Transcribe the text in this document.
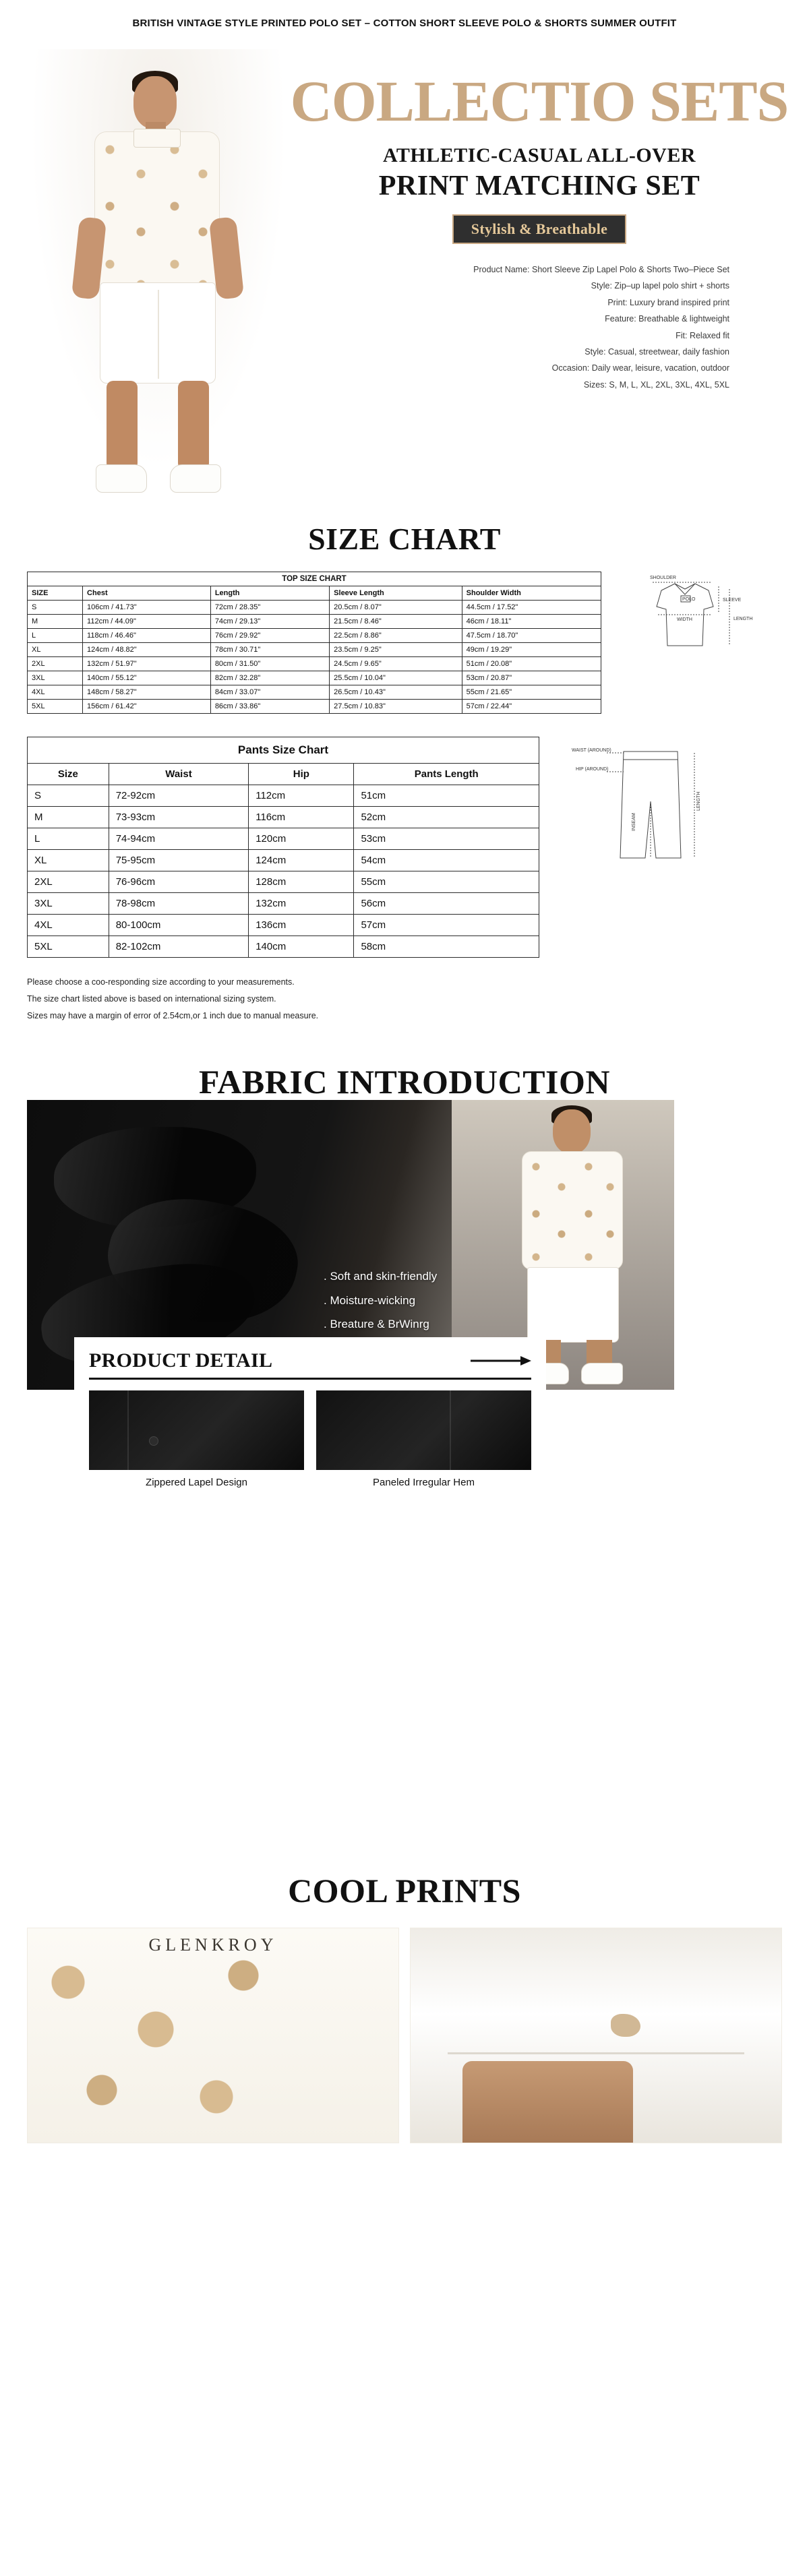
BRITISH VINTAGE STYLE PRINTED POLO SET – COTTON SHORT SLEEVE POLO & SHORTS SUMMER OUTFIT
COLLECTIO SETS
ATHLETIC-CASUAL ALL-OVER
PRINT MATCHING SET
Stylish & Breathable
Product Name: Short Sleeve Zip Lapel Polo & Shorts Two–Piece Set
Style: Zip–up lapel polo shirt + shorts
Print: Luxury brand inspired print
Feature: Breathable & lightweight
Fit: Relaxed fit
Style: Casual, streetwear, daily fashion
Occasion: Daily wear, leisure, vacation, outdoor
Sizes: S, M, L, XL, 2XL, 3XL, 4XL, 5XL
SIZE CHART
TOP SIZE CHART				
SIZE	Chest	Length	Sleeve Length	Shoulder Width
S	106cm / 41.73"	72cm / 28.35"	20.5cm / 8.07"	44.5cm / 17.52"
M	112cm / 44.09"	74cm / 29.13"	21.5cm / 8.46"	46cm / 18.11"
L	118cm / 46.46"	76cm / 29.92"	22.5cm / 8.86"	47.5cm / 18.70"
XL	124cm / 48.82"	78cm / 30.71"	23.5cm / 9.25"	49cm / 19.29"
2XL	132cm / 51.97"	80cm / 31.50"	24.5cm / 9.65"	51cm / 20.08"
3XL	140cm / 55.12"	82cm / 32.28"	25.5cm / 10.04"	53cm / 20.87"
4XL	148cm / 58.27"	84cm / 33.07"	26.5cm / 10.43"	55cm / 21.65"
5XL	156cm / 61.42"	86cm / 33.86"	27.5cm / 10.83"	57cm / 22.44"
SHOULDER
SLEEVE
POLO
WIDTH	LENGTH
Pants Size Chart			
Size	Waist	Hip	Pants Length
S	72-92cm	112cm	51cm
M	73-93cm	116cm	52cm
L	74-94cm	120cm	53cm
XL	75-95cm	124cm	54cm
2XL	76-96cm	128cm	55cm
3XL	78-98cm	132cm	56cm
4XL	80-100cm	136cm	57cm
5XL	82-102cm	140cm	58cm
WAIST (AROUND)
HIP (AROUND)
INSEAM
LENGTH
Please choose a coo-responding size according to your measurements.
The size chart listed above is based on international sizing system.
Sizes may have a margin of error of 2.54cm,or 1 inch due to manual measure.
FABRIC INTRODUCTION
. Soft and skin-friendly
. Moisture-wicking
. Breature & BrWinrg
PRODUCT DETAIL
Zippered Lapel Design	Paneled Irregular Hem
COOL PRINTS
GLENKROY
